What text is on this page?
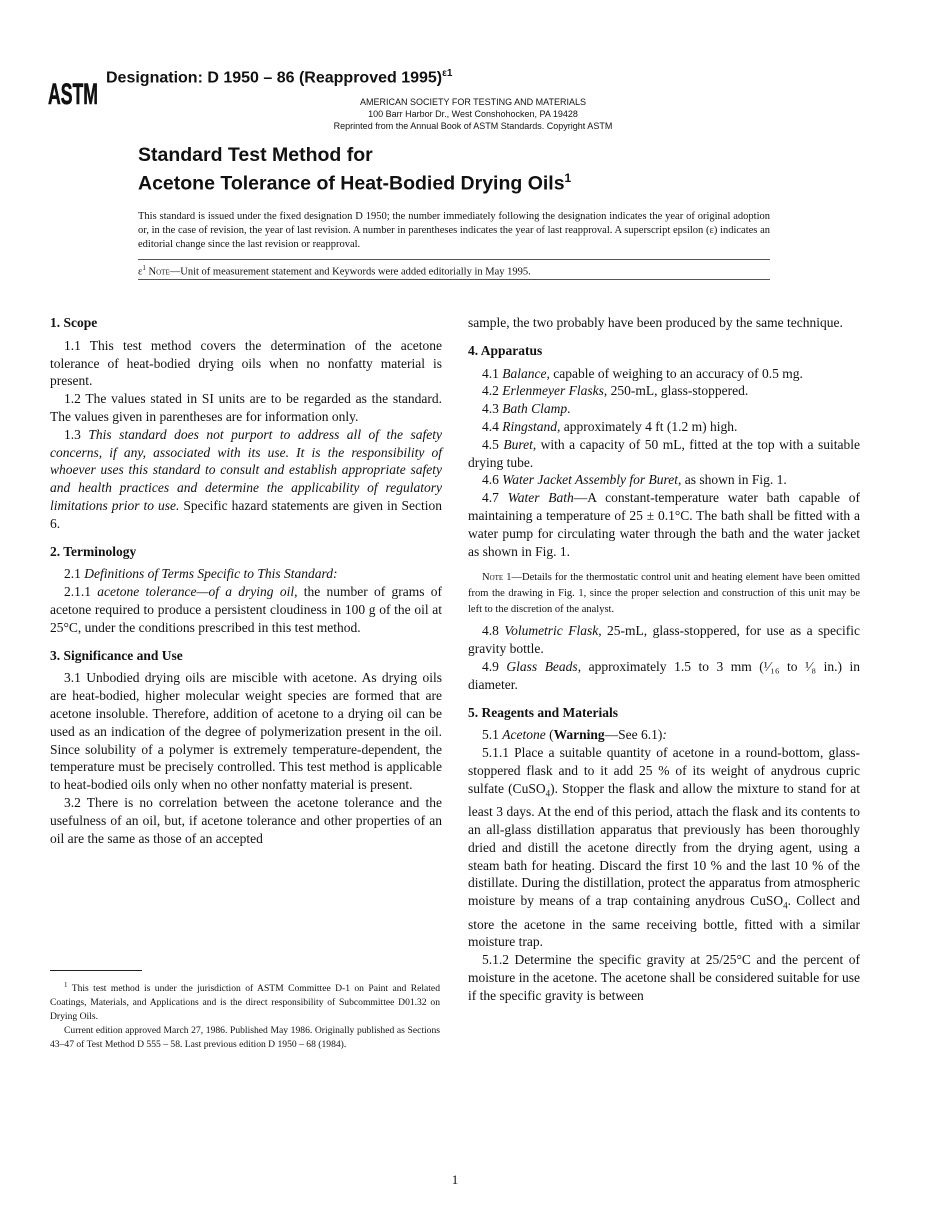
ASTM
Designation: D 1950 – 86 (Reapproved 1995)$^{\varepsilon 1}$
AMERICAN SOCIETY FOR TESTING AND MATERIALS
100 Barr Harbor Dr., West Conshohocken, PA 19428
Reprinted from the Annual Book of ASTM Standards. Copyright ASTM
Standard Test Method for
Acetone Tolerance of Heat-Bodied Drying Oils$^1$
This standard is issued under the fixed designation D 1950; the number immediately following the designation indicates the year of original adoption or, in the case of revision, the year of last revision. A number in parentheses indicates the year of last reapproval. A superscript epsilon (ε) indicates an editorial change since the last revision or reapproval.
$\varepsilon^1$ Note—Unit of measurement statement and Keywords were added editorially in May 1995.

1. Scope

1.1 This test method covers the determination of the acetone tolerance of heat-bodied drying oils when no nonfatty material is present.

1.2 The values stated in SI units are to be regarded as the standard. The values given in parentheses are for information only.

1.3 This standard does not purport to address all of the safety concerns, if any, associated with its use. It is the responsibility of whoever uses this standard to consult and establish appropriate safety and health practices and determine the applicability of regulatory limitations prior to use. Specific hazard statements are given in Section 6.

2. Terminology

2.1 Definitions of Terms Specific to This Standard:

2.1.1 acetone tolerance—of a drying oil, the number of grams of acetone required to produce a persistent cloudiness in 100 g of the oil at 25°C, under the conditions prescribed in this test method.

3. Significance and Use

3.1 Unbodied drying oils are miscible with acetone. As drying oils are heat-bodied, higher molecular weight species are formed that are acetone insoluble. Therefore, addition of acetone to a drying oil can be used as an indication of the degree of polymerization present in the oil. Since solubility of a polymer is extremely temperature-dependent, the temperature must be precisely controlled. This test method is applicable to heat-bodied oils only when no other nonfatty material is present.

3.2 There is no correlation between the acetone tolerance and the usefulness of an oil, but, if acetone tolerance and other properties of an oil are the same as those of an accepted

$^1$ This test method is under the jurisdiction of ASTM Committee D-1 on Paint and Related Coatings, Materials, and Applications and is the direct responsibility of Subcommittee D01.32 on Drying Oils.

Current edition approved March 27, 1986. Published May 1986. Originally published as Sections 43–47 of Test Method D 555 – 58. Last previous edition D 1950 – 68 (1984).

sample, the two probably have been produced by the same technique.

4. Apparatus

4.1 Balance, capable of weighing to an accuracy of 0.5 mg.

4.2 Erlenmeyer Flasks, 250-mL, glass-stoppered.

4.3 Bath Clamp.

4.4 Ringstand, approximately 4 ft (1.2 m) high.

4.5 Buret, with a capacity of 50 mL, fitted at the top with a suitable drying tube.

4.6 Water Jacket Assembly for Buret, as shown in Fig. 1.

4.7 Water Bath—A constant-temperature water bath capable of maintaining a temperature of 25 ± 0.1°C. The bath shall be fitted with a water pump for circulating water through the bath and the water jacket as shown in Fig. 1.

Note 1—Details for the thermostatic control unit and heating element have been omitted from the drawing in Fig. 1, since the proper selection and construction of this unit may be left to the discretion of the analyst.

4.8 Volumetric Flask, 25-mL, glass-stoppered, for use as a specific gravity bottle.

4.9 Glass Beads, approximately 1.5 to 3 mm (¹⁄₁₆ to ¹⁄₈ in.) in diameter.

5. Reagents and Materials

5.1 Acetone (Warning—See 6.1):

5.1.1 Place a suitable quantity of acetone in a round-bottom, glass-stoppered flask and to it add 25 % of its weight of anydrous cupric sulfate (CuSO$_4$). Stopper the flask and allow the mixture to stand for at least 3 days. At the end of this period, attach the flask and its contents to an all-glass distillation apparatus that previously has been thoroughly dried and distill the acetone directly from the drying agent, using a steam bath for heating. Discard the first 10 % and the last 10 % of the distillate. During the distillation, protect the apparatus from atmospheric moisture by means of a trap containing anydrous CuSO$_4$. Collect and store the acetone in the same receiving bottle, fitted with a similar moisture trap.

5.1.2 Determine the specific gravity at 25/25°C and the percent of moisture in the acetone. The acetone shall be considered suitable for use if the specific gravity is between

1
